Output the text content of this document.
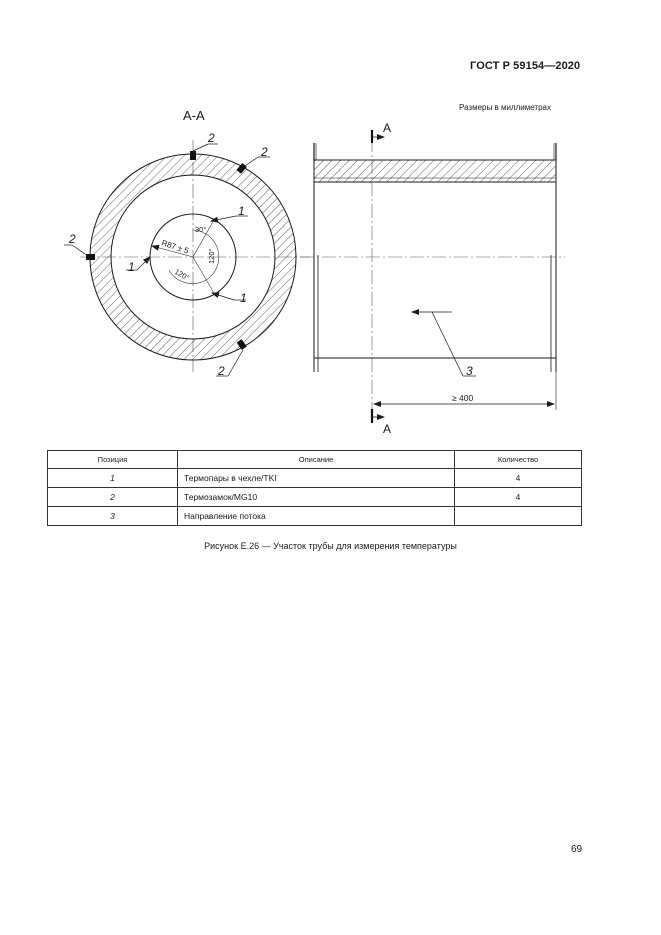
ГОСТ Р 59154—2020
Размеры в миллиметрах
А-А
2
2
2
2
1
1
1
30°
120°
120°
R87 ± 5
3
≥ 400
А
А
Позиция	Описание	Количество
1	Термопары в чехле/TKI	4
2	Термозамок/MG10	4
3	Направление потока	
Рисунок Е.26 — Участок трубы для измерения температуры
69
